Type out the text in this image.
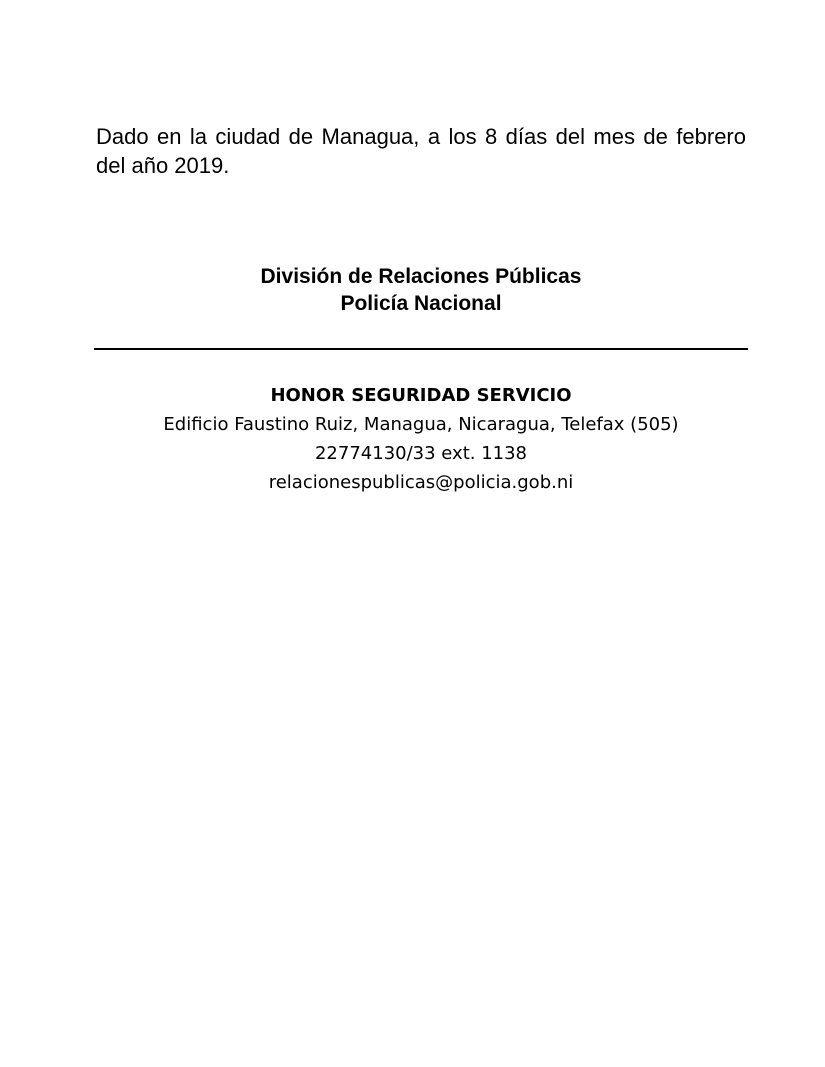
Dado en la ciudad de Managua, a los 8 días del mes de febrero del año 2019.

División de Relaciones Públicas
Policía Nacional
HONOR SEGURIDAD SERVICIO
Edificio Faustino Ruiz, Managua, Nicaragua, Telefax (505)
22774130/33 ext. 1138
relacionespublicas@policia.gob.ni
